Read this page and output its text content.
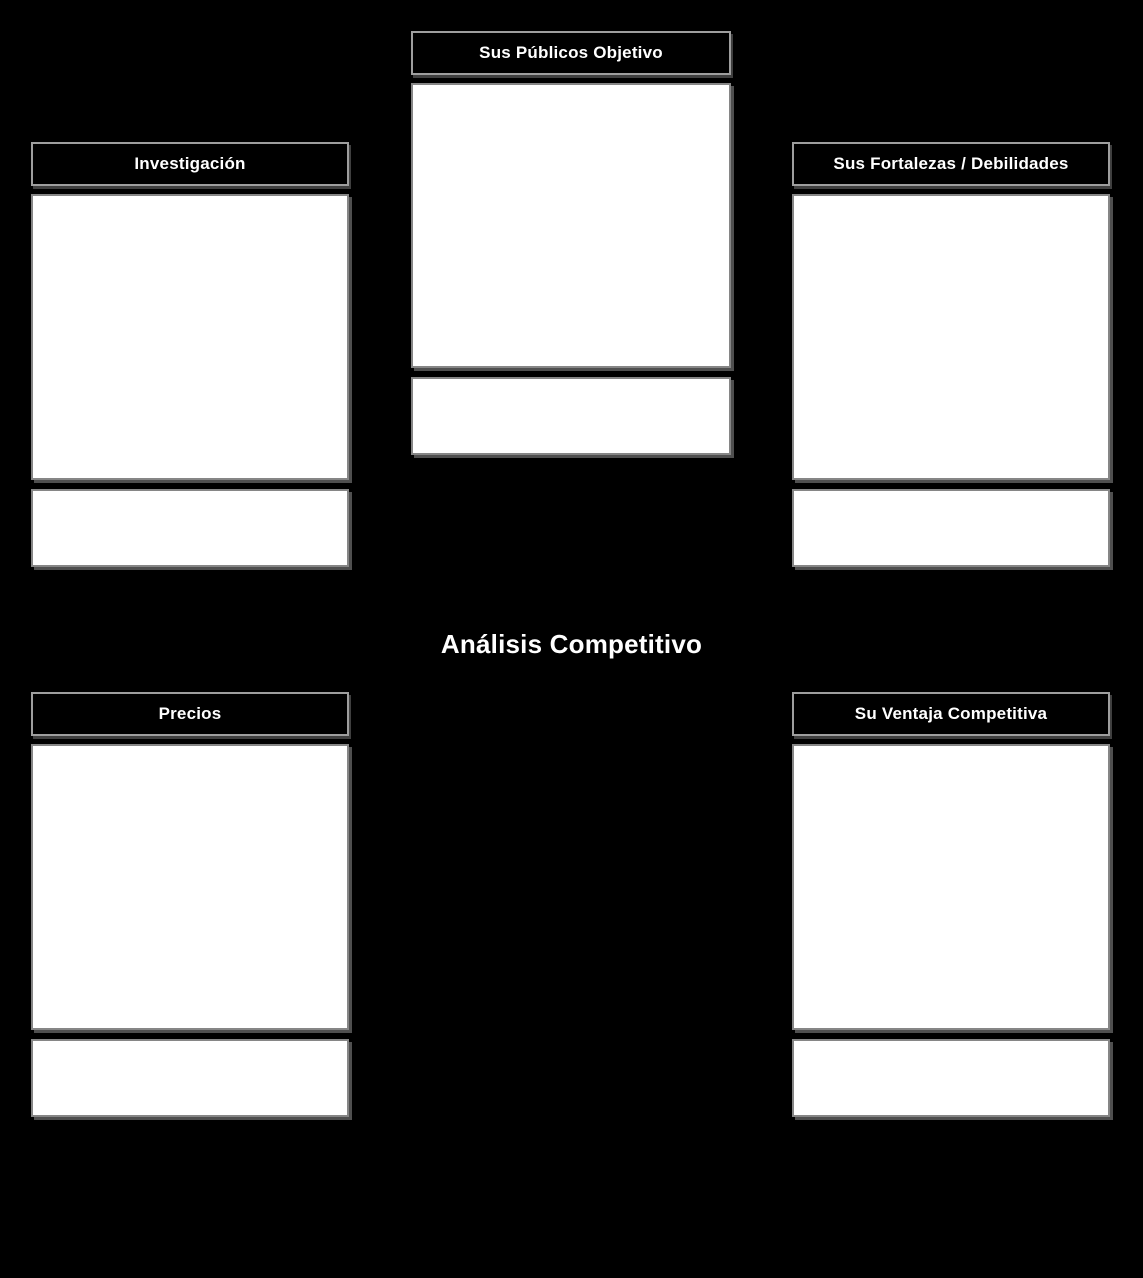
Sus Públicos Objetivo
Investigación	Sus Fortalezas / Debilidades
Análisis Competitivo
Precios	Su Ventaja Competitiva
